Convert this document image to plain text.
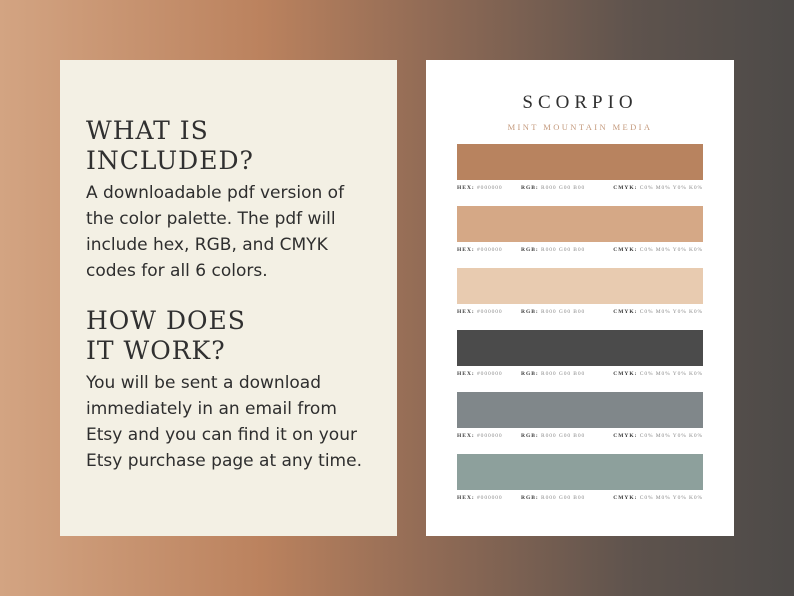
WHAT IS
INCLUDED?

A downloadable pdf version of the color palette. The pdf will include hex, RGB, and CMYK codes for all 6 colors.

HOW DOES
IT WORK?

You will be sent a download immediately in an email from Etsy and you can find it on your Etsy purchase page at any time.

SCORPIO
MINT MOUNTAIN MEDIA
HEX: #000000	RGB: R000 G00 B00	CMYK: C0% M0% Y0% K0%
HEX: #000000	RGB: R000 G00 B00	CMYK: C0% M0% Y0% K0%
HEX: #000000	RGB: R000 G00 B00	CMYK: C0% M0% Y0% K0%
HEX: #000000	RGB: R000 G00 B00	CMYK: C0% M0% Y0% K0%
HEX: #000000	RGB: R000 G00 B00	CMYK: C0% M0% Y0% K0%
HEX: #000000	RGB: R000 G00 B00	CMYK: C0% M0% Y0% K0%
